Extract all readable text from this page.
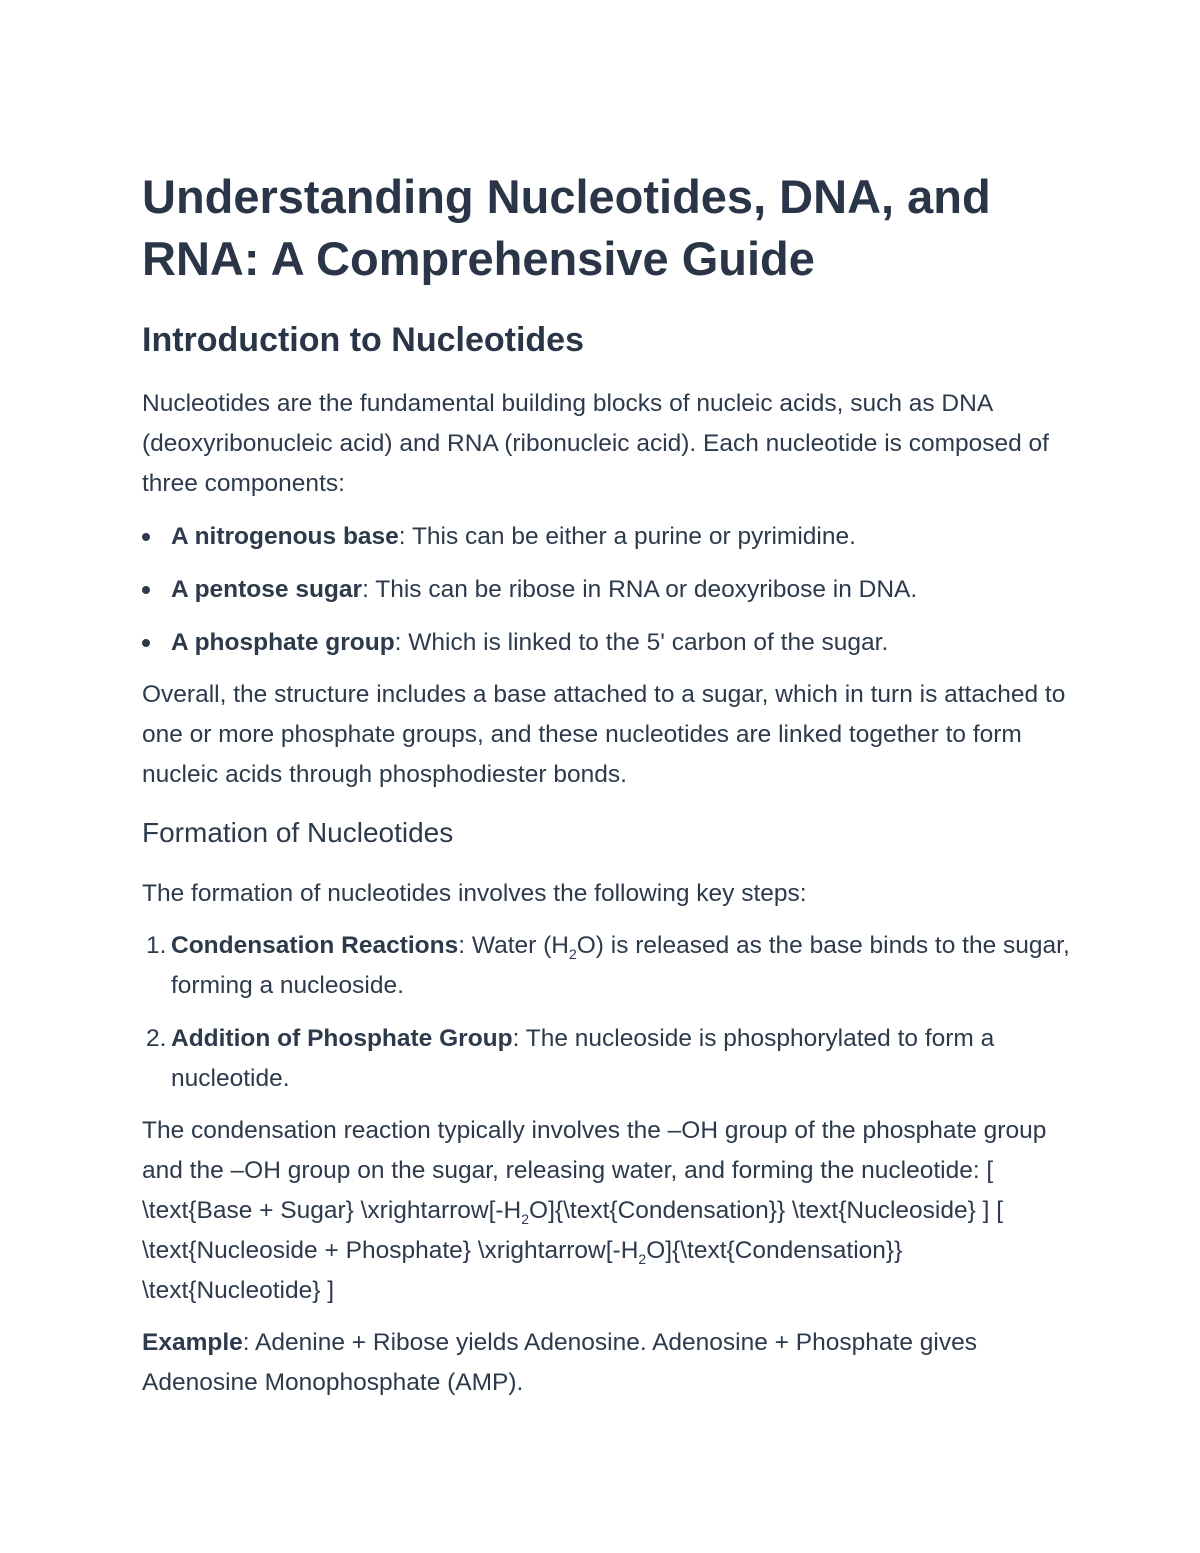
Understanding Nucleotides, DNA, and RNA: A Comprehensive Guide
Introduction to Nucleotides

Nucleotides are the fundamental building blocks of nucleic acids, such as DNA (deoxyribonucleic acid) and RNA (ribonucleic acid). Each nucleotide is composed of three components:

A nitrogenous base: This can be either a purine or pyrimidine.
A pentose sugar: This can be ribose in RNA or deoxyribose in DNA.
A phosphate group: Which is linked to the 5' carbon of the sugar.

Overall, the structure includes a base attached to a sugar, which in turn is attached to one or more phosphate groups, and these nucleotides are linked together to form nucleic acids through phosphodiester bonds.

Formation of Nucleotides

The formation of nucleotides involves the following key steps:

1. Condensation Reactions: Water $(H_2O)$ is released as the base binds to the sugar, forming a nucleoside.
2. Addition of Phosphate Group: The nucleoside is phosphorylated to form a nucleotide.

The condensation reaction typically involves the –OH group of the phosphate group and the –OH group on the sugar, releasing water, and forming the nucleotide: [ \text{Base + Sugar} $\backslash xrightarrow[-H_2O]\{\backslash text\{Condensation\}\}$ \text{Nucleoside} ] [ \text{Nucleoside + Phosphate} $\backslash xrightarrow[-H_2O]\{\backslash text\{Condensation\}\}$ \text{Nucleotide} ]

Example: Adenine + Ribose yields Adenosine. Adenosine + Phosphate gives Adenosine Monophosphate (AMP).
